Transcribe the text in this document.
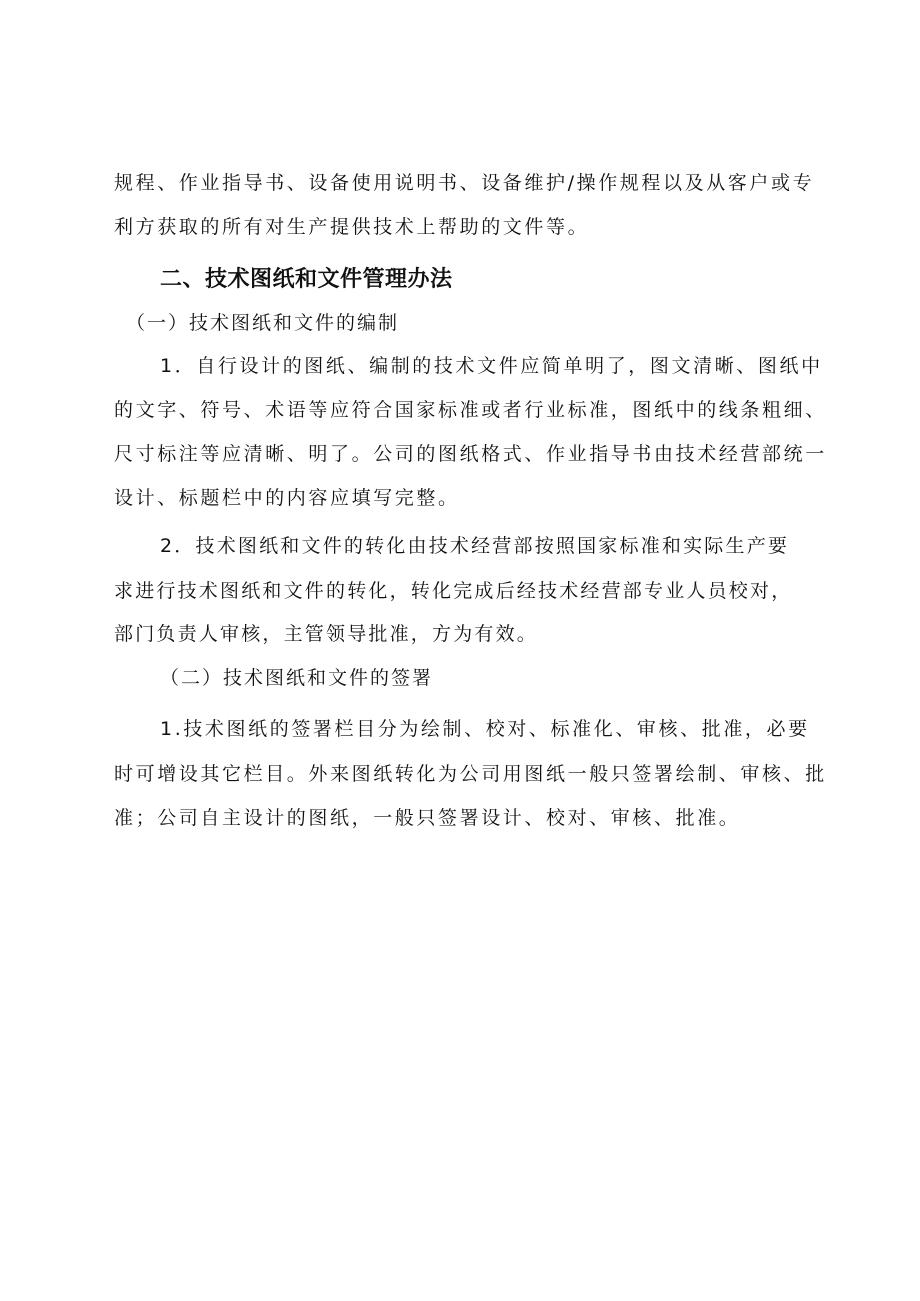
规程、作业指导书、设备使用说明书、设备维护/操作规程以及从客户或专
利方获取的所有对生产提供技术上帮助的文件等。
二、技术图纸和文件管理办法
（一）技术图纸和文件的编制
1．自行设计的图纸、编制的技术文件应简单明了，图文清晰、图纸中
的文字、符号、术语等应符合国家标准或者行业标准，图纸中的线条粗细、
尺寸标注等应清晰、明了。公司的图纸格式、作业指导书由技术经营部统一
设计、标题栏中的内容应填写完整。
2．技术图纸和文件的转化由技术经营部按照国家标准和实际生产要
求进行技术图纸和文件的转化，转化完成后经技术经营部专业人员校对，
部门负责人审核，主管领导批准，方为有效。
（二）技术图纸和文件的签署
1.技术图纸的签署栏目分为绘制、校对、标准化、审核、批准，必要
时可增设其它栏目。外来图纸转化为公司用图纸一般只签署绘制、审核、批
准；公司自主设计的图纸，一般只签署设计、校对、审核、批准。
